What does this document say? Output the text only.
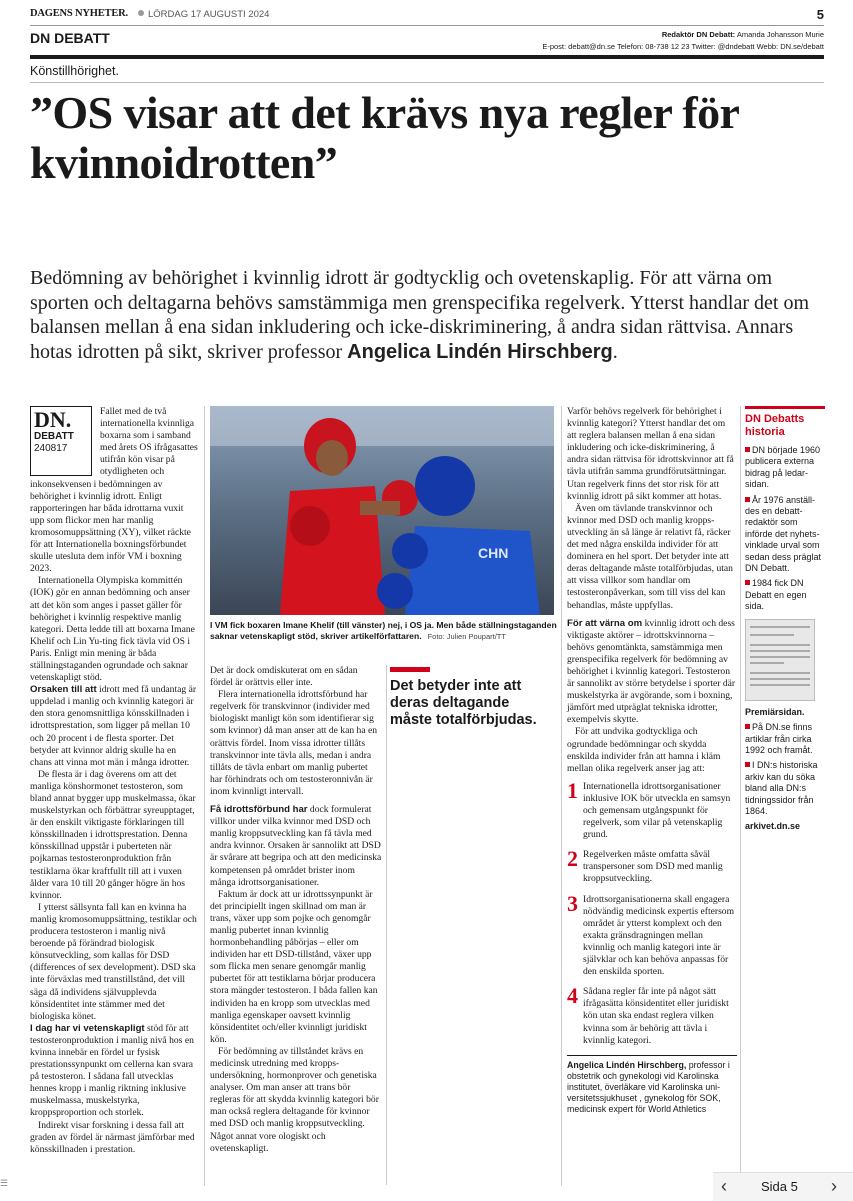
DAGENS NYHETER.	LÖRDAG 17 AUGUSTI 2024	5
DN DEBATT	Redaktör DN Debatt: Amanda Johansson Murie
E-post: debatt@dn.se Telefon: 08-738 12 23 Twitter: @dndebatt Webb: DN.se/debatt
Könstillhörighet.
”OS visar att det krävs nya regler för kvinnoidrotten”

Bedömning av behörighet i kvinnlig idrott är godtycklig och ovetenskaplig. För att värna om sporten och deltagarna behövs samstämmiga men grenspecifika regelverk. Ytterst handlar det om balansen mellan å ena sidan inkludering och icke-diskriminering, å andra sidan rättvisa. Annars hotas idrotten på sikt, skriver professor Angelica Lindén Hirschberg.

DN.
DEBATT
240817

Fallet med de två internationella kvinnliga boxarna som i samband med årets OS ifrågasattes utifrån kön visar på otydligheten och inkonsekvensen i bedömningen av behörighet i kvinnlig idrott. Enligt rapporteringen har båda idrottarna vuxit upp som flickor men har manlig kromosomuppsättning (XY), vilket räckte för att Internationella boxningsförbundet skulle utesluta dem inför VM i boxning 2023.

Internationella Olympiska kommittén (IOK) gör en annan bedömning och anser att det kön som anges i passet gäller för behörighet i kvinnlig respektive manlig kategori. Detta ledde till att boxarna Imane Khelif och Lin Yu-ting fick tävla vid OS i Paris. Enligt min mening är båda ställningstaganden ogrundade och saknar vetenskapligt stöd.

Orsaken till att idrott med få undantag är uppdelad i manlig och kvinnlig kategori är den stora genomsnittliga könsskillnaden i idrottsprestation, som ligger på mellan 10 och 20 procent i de flesta sporter. Det betyder att kvinnor aldrig skulle ha en chans att vinna mot män i många idrotter.

De flesta är i dag överens om att det manliga könshormonet testosteron, som bland annat bygger upp muskelmassa, ökar muskelstyrkan och förbättrar syreupptaget, är den enskilt viktigaste förklaringen till könsskillnaden i idrottsprestation. Denna könsskillnad uppstår i puberteten när pojkarnas testosteronproduktion från testiklarna ökar kraftfullt till att i vuxen ålder vara 10 till 20 gånger högre än hos kvinnor.

I ytterst sällsynta fall kan en kvinna ha manlig kromosomuppsättning, testiklar och producera testosteron i manlig nivå beroende på förändrad biologisk könsutveckling, som kallas för DSD (differences of sex development). DSD ska inte förväxlas med transtillstånd, det vill säga då individens självupplevda könsidentitet inte stämmer med det biologiska könet.

I dag har vi vetenskapligt stöd för att testosteronproduktion i manlig nivå hos en kvinna innebär en fördel ur fysisk prestationssynpunkt om cellerna kan svara på testosteron. I sådana fall utvecklas hennes kropp i manlig riktning inklusive muskelmassa, muskelstyrka, kroppsproportion och storlek.

Indirekt visar forskning i dessa fall att graden av fördel är närmast jämförbar med könsskillnaden i prestation.

CHN
I VM fick boxaren Imane Khelif (till vänster) nej, i OS ja. Men både ställningstaganden saknar vetenskapligt stöd, skriver artikelförfattaren. Foto: Julien Poupart/TT

Det är dock omdiskuterat om en sådan fördel är orättvis eller inte.

Flera internationella idrottsförbund har regelverk för transkvinnor (individer med biologiskt manligt kön som identifierar sig som kvinnor) då man anser att de kan ha en orättvis fördel. Inom vissa idrotter tillåts transkvinnor inte tävla alls, medan i andra tillåts de tävla enbart om manlig pubertet har förhindrats och om testosteronnivån är inom kvinnligt intervall.

Få idrottsförbund har dock formulerat villkor under vilka kvinnor med DSD och manlig kroppsutveckling kan få tävla med andra kvinnor. Orsaken är sannolikt att DSD är svårare att begripa och att den medicinska kompetensen på området brister inom många idrottsorganisationer.

Faktum är dock att ur idrottssynpunkt är det principiellt ingen skillnad om man är trans, växer upp som pojke och genomgår manlig pubertet innan kvinnlig hormonbehandling påbörjas – eller om individen har ett DSD-tillstånd, växer upp som flicka men senare genomgår manlig pubertet för att testiklarna börjar producera stora mängder testosteron. I båda fallen kan individen ha en kropp som utvecklas med manliga egenskaper oavsett kvinnlig könsidentitet och/eller kvinnligt juridiskt kön.

För bedömning av tillståndet krävs en medicinsk utredning med kroppsundersökning, hormonprover och genetiska analyser. Om man anser att trans bör regleras för att skydda kvinnlig kategori bör man också reglera deltagande för kvinnor med DSD och manlig kroppsutveckling. Något annat vore ologiskt och ovetenskapligt.

Det betyder inte att deras deltagande måste totalförbjudas.

Varför behövs regelverk för behörighet i kvinnlig kategori? Ytterst handlar det om att reglera balansen mellan å ena sidan inkludering och icke-diskriminering, å andra sidan rättvisa för idrottskvinnor att få tävla utifrån samma grundförutsättningar. Utan regelverk finns det stor risk för att kvinnlig idrott på sikt kommer att hotas.

Även om tävlande transkvinnor och kvinnor med DSD och manlig kroppsutveckling än så länge är relativt få, räcker det med några enskilda individer för att dominera en hel sport. Det betyder inte att deras deltagande måste totalförbjudas, utan att vissa villkor som handlar om testosteronpåverkan, som till viss del kan behandlas, måste uppfyllas.

För att värna om kvinnlig idrott och dess viktigaste aktörer – idrottskvinnorna – behövs genomtänkta, samstämmiga men grenspecifika regelverk för bedömning av behörighet i kvinnlig kategori. Testosteron är sannolikt av större betydelse i sporter där muskelstyrka är avgörande, som i boxning, jämfört med utpräglat tekniska idrotter, exempelvis skytte.

För att undvika godtyckliga och ogrundade bedömningar och skydda enskilda individer från att hamna i kläm mellan olika regelverk anser jag att:

1 Internationella idrottsorganisationer inklusive IOK bör utveckla en samsyn och gemensam utgångspunkt för regelverk, som vilar på vetenskaplig grund.

2 Regelverken måste omfatta såväl transpersoner som DSD med manlig kroppsutveckling.

3 Idrottsorganisationerna skall engagera nödvändig medicinsk expertis eftersom området är ytterst komplext och den exakta gränsdragningen mellan kvinnlig och manlig kategori inte är självklar och kan behöva anpassas för den enskilda sporten.

4 Sådana regler får inte på något sätt ifrågasätta könsidentitet eller juridiskt kön utan ska endast reglera vilken kvinna som är behörig att tävla i kvinnlig kategori.

Angelica Lindén Hirschberg, professor i obstetrik och gynekologi vid Karolinska institutet, överläkare vid Karolinska universitetssjukhuset , gynekolog för SOK, medicinsk expert för World Athletics
DN Debatts historia
DN började 1960 publicera externa bidrag på ledarsidan.
År 1976 anställdes en debattredaktör som införde det nyhetsvinklade urval som sedan dess präglat DN Debatt.
1984 fick DN Debatt en egen sida.
Premiärsidan.
På DN.se finns artiklar från cirka 1992 och framåt.
I DN:s historiska arkiv kan du söka bland alla DN:s tidningssidor från 1864.
arkivet.dn.se
‹	Sida 5 ›
☰
